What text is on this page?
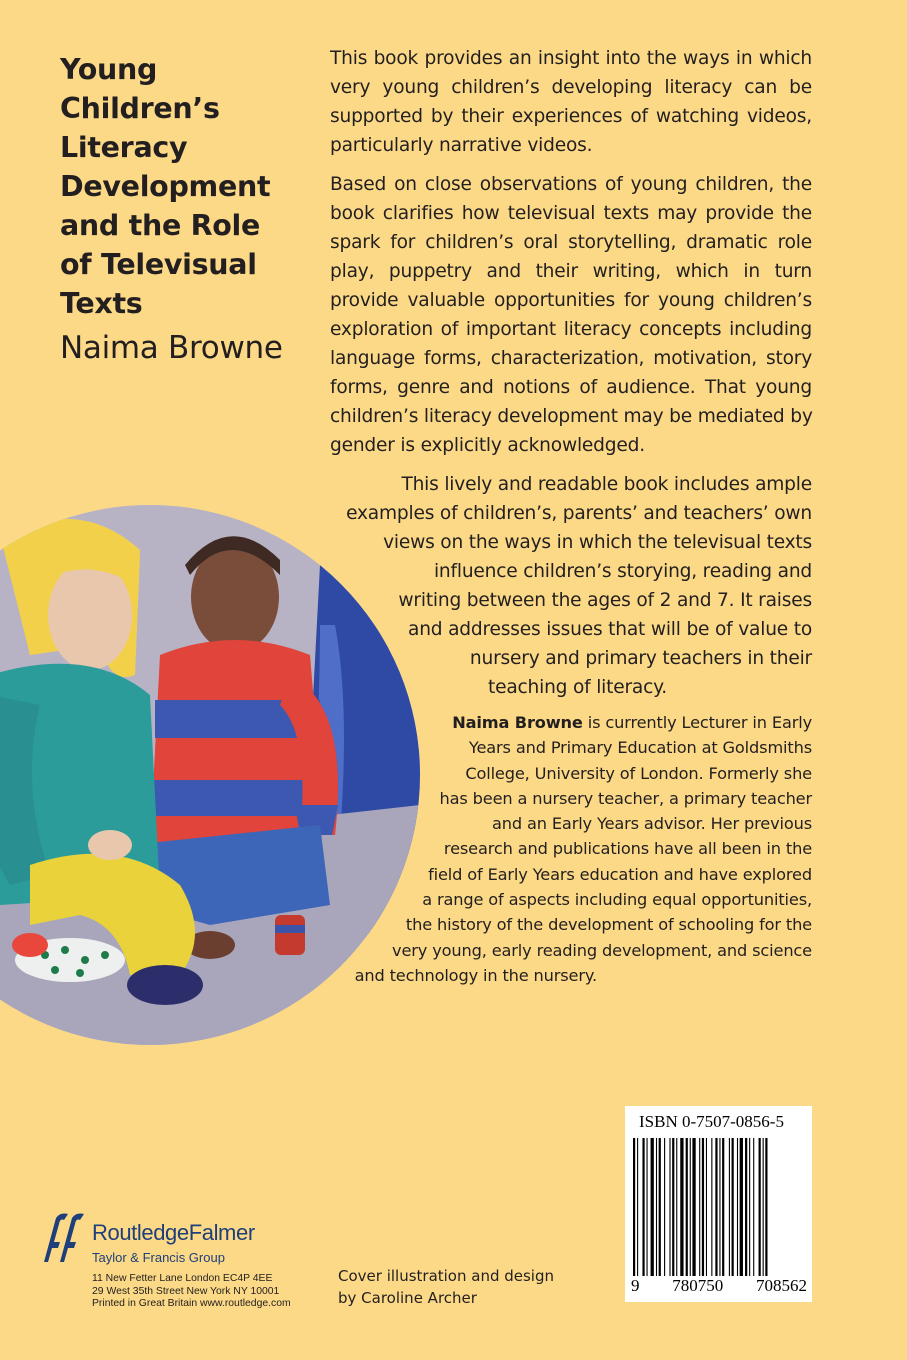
Young
Children’s
Literacy
Development
and the Role
of Televisual
Texts
Naima Browne
This book provides an insight into the ways in which
very young children’s developing literacy can be
supported by their experiences of watching videos,
particularly narrative videos.
Based on close observations of young children, the
book clarifies how televisual texts may provide the
spark for children’s oral storytelling, dramatic role
play, puppetry and their writing, which in turn
provide valuable opportunities for young children’s
exploration of important literacy concepts including
language forms, characterization, motivation, story
forms, genre and notions of audience. That young
children’s literacy development may be mediated by
gender is explicitly acknowledged.
This lively and readable book includes ample
examples of children’s, parents’ and teachers’ own
views on the ways in which the televisual texts
influence children’s storying, reading and
writing between the ages of 2 and 7. It raises
and addresses issues that will be of value to
nursery and primary teachers in their
teaching of literacy.
Naima Browne is currently Lecturer in Early
Years and Primary Education at Goldsmiths
College, University of London. Formerly she
has been a nursery teacher, a primary teacher
and an Early Years advisor. Her previous
research and publications have all been in the
field of Early Years education and have explored
a range of aspects including equal opportunities,
the history of the development of schooling for the
very young, early reading development, and science
and technology in the nursery.
ISBN 0-7507-0856-5
9 780750 708562
RoutledgeFalmer
Taylor & Francis Group
11 New Fetter Lane London EC4P 4EE
29 West 35th Street New York NY 10001
Printed in Great Britain www.routledge.com
Cover illustration and design
by Caroline Archer
